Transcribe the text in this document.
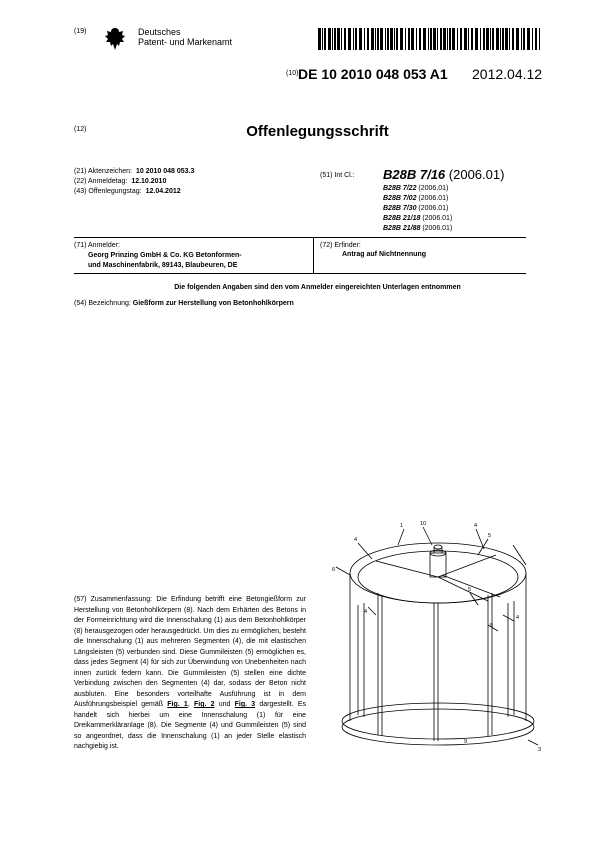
(19)	Deutsches
Patent- und Markenamt
(10) DE 10 2010 048 053 A1 2012.04.12
(12)	Offenlegungsschrift
(21) Aktenzeichen: 10 2010 048 053.3
(22) Anmeldetag: 12.10.2010
(43) Offenlegungstag: 12.04.2012
(51) Int Cl.: B28B 7/16 (2006.01)
B28B 7/22 (2006.01)
B28B 7/02 (2006.01)
B28B 7/30 (2006.01)
B28B 21/18 (2006.01)
B28B 21/88 (2006.01)
(71) Anmelder:
Georg Prinzing GmbH & Co. KG Betonformen-
und Maschinenfabrik, 89143, Blaubeuren, DE
(72) Erfinder:
Antrag auf Nichtnennung
Die folgenden Angaben sind den vom Anmelder eingereichten Unterlagen entnommen
(54) Bezeichnung: Gießform zur Herstellung von Betonhohlkörpern
(57) Zusammenfassung: Die Erfindung betrifft eine Betongießform zur Herstellung von Betonhohlkörpern (8). Nach dem Erhärten des Betons in der Formeinrichtung wird die Innenschalung (1) aus dem Betonhohlkörper (8) herausgezogen oder herausgedrückt. Um dies zu ermöglichen, besteht die Innenschalung (1) aus mehreren Segmenten (4), die mit elastischen Längsleisten (5) verbunden sind. Diese Gummileisten (5) ermöglichen es, dass jedes Segment (4) für sich zur Überwindung von Unebenheiten nach innen zurück federn kann. Die Gummileisten (5) stellen eine dichte Verbindung zwischen den Segmenten (4) dar, sodass der Beton nicht ausbluten. Eine besonders vorteilhafte Ausführung ist in dem Ausführungsbeispiel gemäß Fig. 1, Fig. 2 und Fig. 3 dargestellt. Es handelt sich hierbei um eine Innenschalung (1) für eine Dreikammerkläranlage (8). Die Segmente (4) und Gummileisten (5) sind so angeordnet, dass die Innenschalung (1) an jeder Stelle elastisch nachgiebig ist.
1	10	4
5
4
6
4
5
5
4
9
3
